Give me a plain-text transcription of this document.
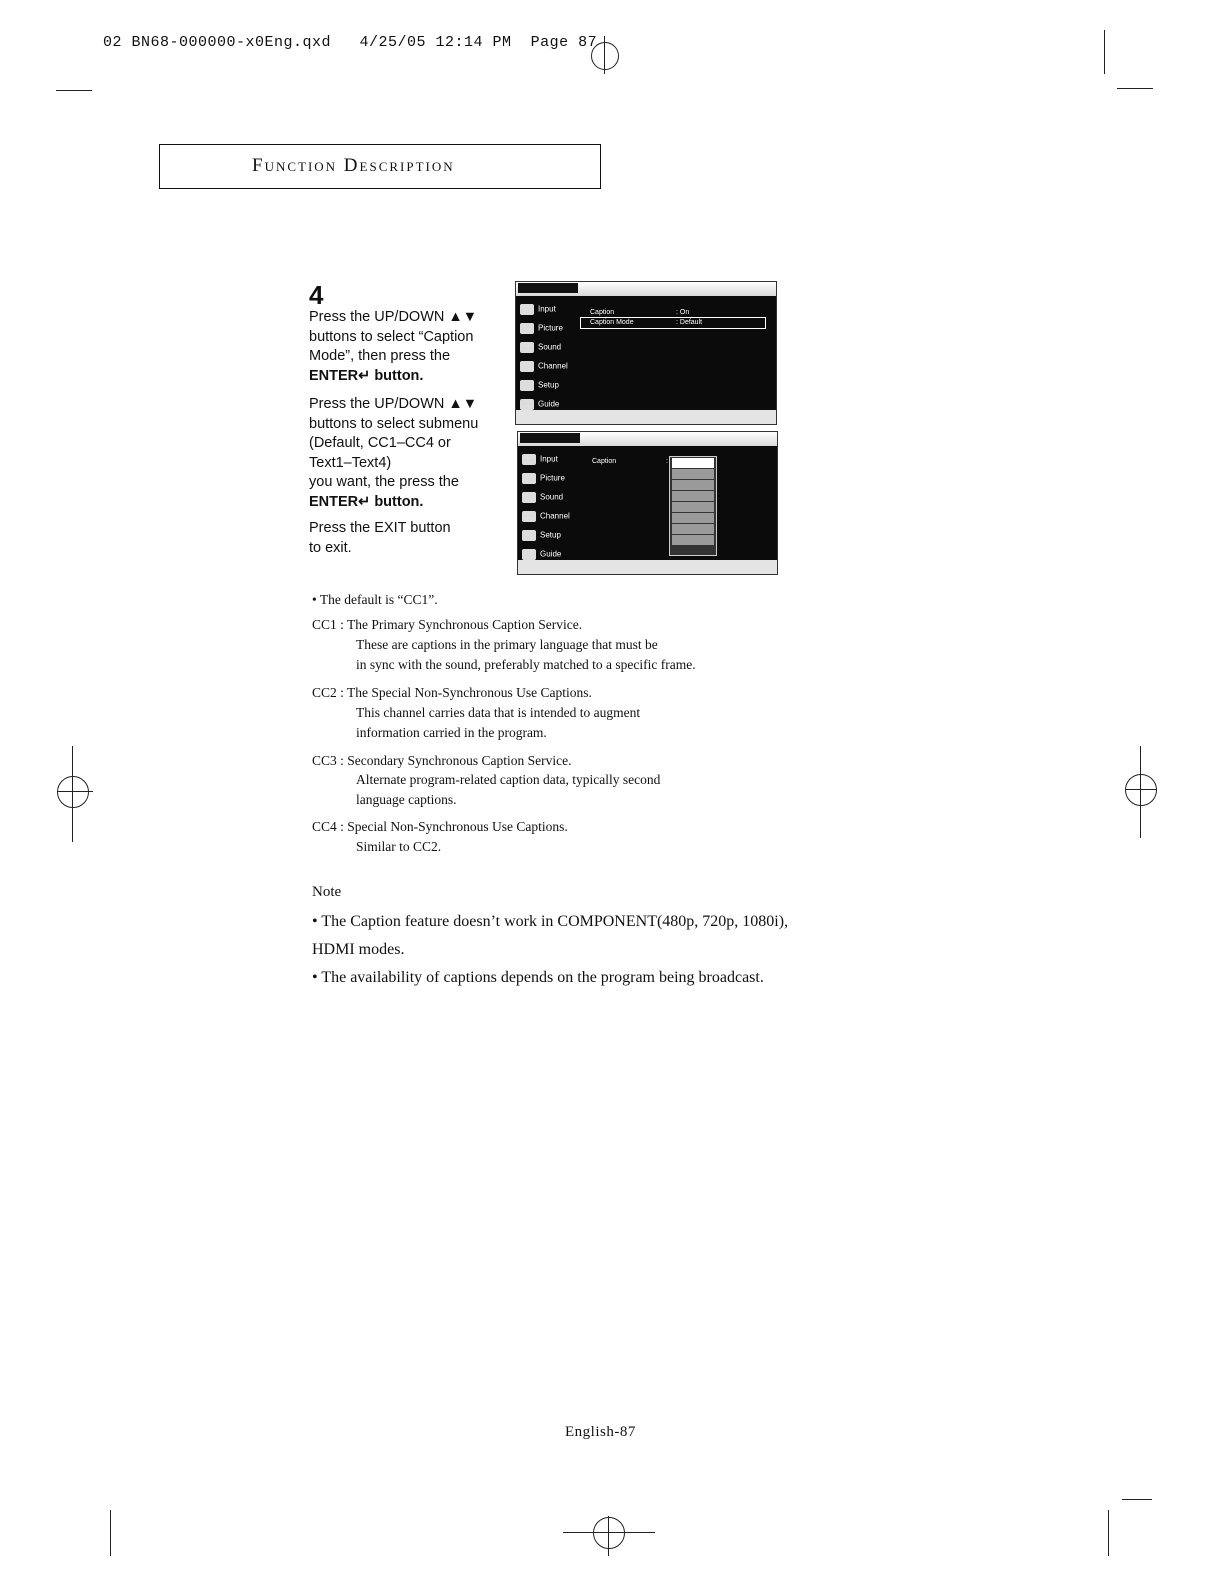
02 BN68-000000-x0Eng.qxd   4/25/05 12:14 PM  Page 87
Function Description
4
Press the UP/DOWN ▲▼
buttons to select “Caption
Mode”, then press the
ENTER↵ button.
Press the UP/DOWN ▲▼
buttons to select submenu
(Default, CC1–CC4 or
Text1–Text4)
you want, the press the
ENTER↵ button.
Press the EXIT button
to exit.
Input
Picture
Sound
Channel
Setup
Guide
Caption	: On
Caption Mode	: Default
Input
Picture
Sound
Channel
Setup
Guide
Caption	:
• The default is “CC1”.
CC1 : The Primary Synchronous Caption Service.
These are captions in the primary language that must be
in sync with the sound, preferably matched to a specific frame.
CC2 : The Special Non-Synchronous Use Captions.
This channel carries data that is intended to augment
information carried in the program.
CC3 : Secondary Synchronous Caption Service.
Alternate program-related caption data, typically second
language captions.
CC4 : Special Non-Synchronous Use Captions.
Similar to CC2.
Note
• The Caption feature doesn’t work in COMPONENT(480p, 720p, 1080i), HDMI modes.
• The availability of captions depends on the program being broadcast.
English-87
